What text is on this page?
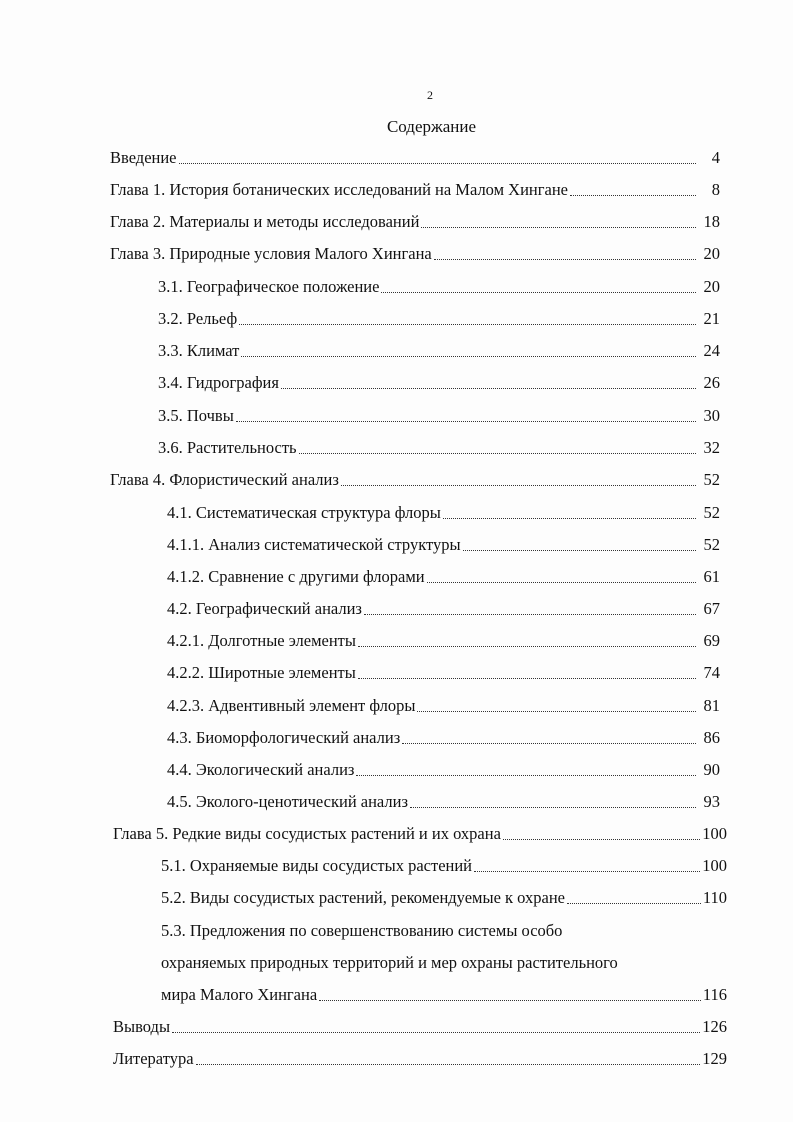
2
Содержание
Введение	4
Глава 1. История ботанических исследований на Малом Хингане	8
Глава 2. Материалы и методы исследований	18
Глава 3. Природные условия Малого Хингана	20
3.1. Географическое положение	20
3.2. Рельеф	21
3.3. Климат	24
3.4. Гидрография	26
3.5. Почвы	30
3.6. Растительность	32
Глава 4. Флористический анализ	52
4.1. Систематическая структура флоры	52
4.1.1. Анализ систематической структуры	52
4.1.2. Сравнение с другими флорами	61
4.2. Географический анализ	67
4.2.1. Долготные элементы	69
4.2.2. Широтные элементы	74
4.2.3. Адвентивный элемент флоры	81
4.3. Биоморфологический анализ	86
4.4. Экологический анализ	90
4.5. Эколого-ценотический анализ	93
Глава 5. Редкие виды сосудистых растений и их охрана	100
5.1. Охраняемые виды сосудистых растений	100
5.2. Виды сосудистых растений, рекомендуемые к охране	110
5.3. Предложения по совершенствованию системы особо
охраняемых природных территорий и мер охраны растительного
мира Малого Хингана	116
Выводы	126
Литература	129
